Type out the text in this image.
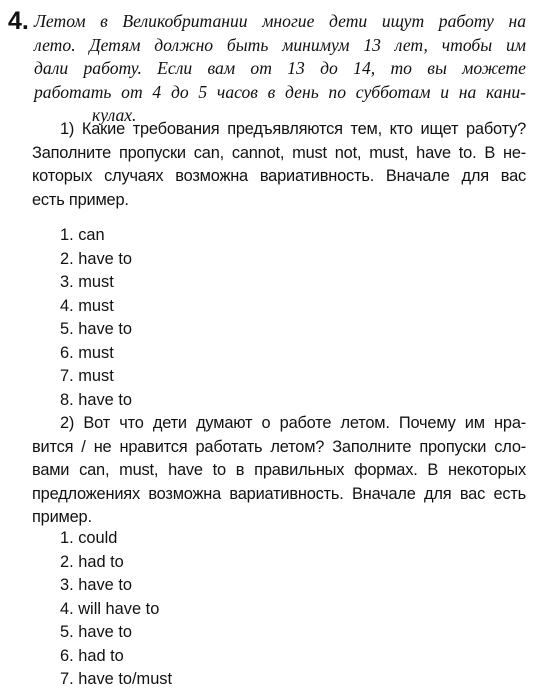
4. Летом в Великобритании многие дети ищут работу на
лето. Детям должно быть минимум 13 лет, чтобы им
дали работу. Если вам от 13 до 14, то вы можете
работать от 4 до 5 часов в день по субботам и на кани-
кулах.
1) Какие требования предъявляются тем, кто ищет работу?
Заполните пропуски can, cannot, must not, must, have to. В не-
которых случаях возможна вариативность. Вначале для вас
есть пример.
1. can
2. have to
3. must
4. must
5. have to
6. must
7. must
8. have to
2) Вот что дети думают о работе летом. Почему им нра-
вится / не нравится работать летом? Заполните пропуски сло-
вами can, must, have to в правильных формах. В некоторых
предложениях возможна вариативность. Вначале для вас есть
пример.
1. could
2. had to
3. have to
4. will have to
5. have to
6. had to
7. have to/must
